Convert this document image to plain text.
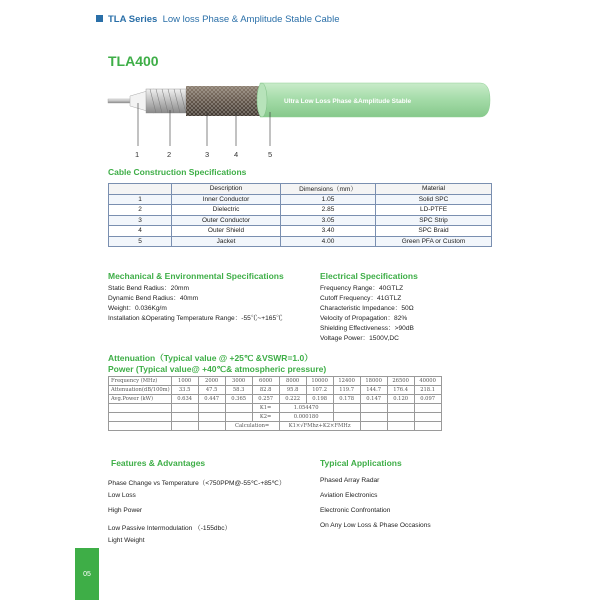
TLA Series Low loss Phase & Amplitude Stable Cable
TLA400
Ultra Low Loss Phase &Amplitude Stable
1	2	3	4	5
Cable Construction Specifications
	Description	Dimensions（mm）	Material
1	Inner Conductor	1.05	Solid SPC
2	Dielectric	2.85	LD-PTFE
3	Outer Conductor	3.05	SPC Strip
4	Outer Shield	3.40	SPC Braid
5	Jacket	4.00	Green PFA or Custom
Mechanical & Environmental Specifications
Static Bend Radius：20mm
Dynamic Bend Radius：40mm
Weight：0.036Kg/m
Installation &Operating Temperature Range：-55℃~+165℃
Electrical Specifications
Frequency Range：40GTLZ
Cutoff Frequency：41GTLZ
Characteristic Impedance：50Ω
Velocity of Propagation：82%
Shielding Effectiveness：>90dB
Voltage Power：1500V,DC
Attenuation（Typical value @ +25℃ &VSWR=1.0）
Power (Typical value@ +40℃& atmospheric pressure)
Frequency (MHz)	1000	2000	3000	6000	8000	10000	12400	18000	26500	40000
Attenuation(dB/100m)	33.5	47.5	58.3	82.8	95.8	107.2	119.7	144.7	176.4	218.1
Avg.Power (kW)	0.634	0.447	0.365	0.257	0.222	0.198	0.178	0.147	0.120	0.097
				K1=	1.054470					
				K2=	0.000180					
			Calculation=		K1×√FMhz+K2×FMHz					
Features & Advantages
Phase Change vs Temperature（<750PPM@-55℃-+85℃）
Low Loss
High Power
Low Passive Intermodulation （-155dbc）
Light Weight
Typical Applications
Phased Array Radar
Aviation Electronics
Electronic Confrontation
On Any Low Loss & Phase Occasions
05
